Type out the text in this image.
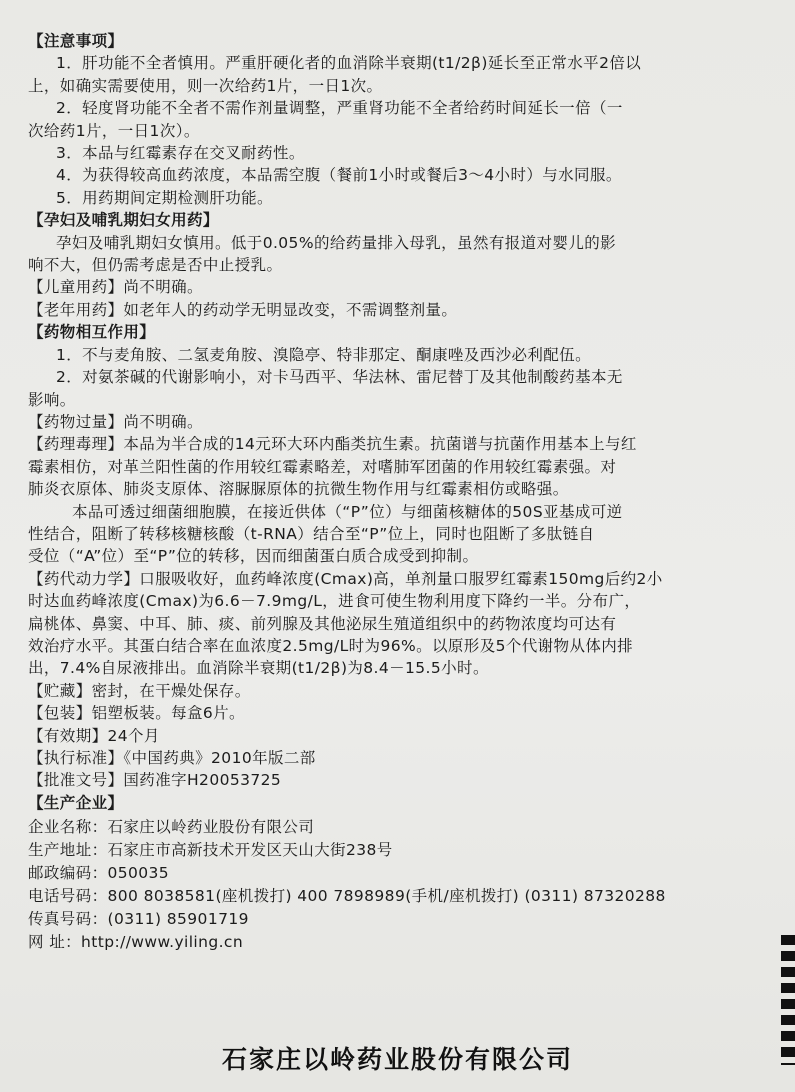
【注意事项】
1．肝功能不全者慎用。严重肝硬化者的血消除半衰期(t1/2β)延长至正常水平2倍以
上，如确实需要使用，则一次给药1片，一日1次。
2．轻度肾功能不全者不需作剂量调整，严重肾功能不全者给药时间延长一倍（一
次给药1片，一日1次）。
3．本品与红霉素存在交叉耐药性。
4．为获得较高血药浓度，本品需空腹（餐前1小时或餐后3～4小时）与水同服。
5．用药期间定期检测肝功能。
【孕妇及哺乳期妇女用药】
孕妇及哺乳期妇女慎用。低于0.05%的给药量排入母乳，虽然有报道对婴儿的影
响不大，但仍需考虑是否中止授乳。
【儿童用药】尚不明确。
【老年用药】如老年人的药动学无明显改变，不需调整剂量。
【药物相互作用】
1．不与麦角胺、二氢麦角胺、溴隐亭、特非那定、酮康唑及西沙必利配伍。
2．对氨茶碱的代谢影响小，对卡马西平、华法林、雷尼替丁及其他制酸药基本无
影响。
【药物过量】尚不明确。
【药理毒理】本品为半合成的14元环大环内酯类抗生素。抗菌谱与抗菌作用基本上与红
霉素相仿，对革兰阳性菌的作用较红霉素略差，对嗜肺军团菌的作用较红霉素强。对
肺炎衣原体、肺炎支原体、溶脲脲原体的抗微生物作用与红霉素相仿或略强。
本品可透过细菌细胞膜，在接近供体（“P”位）与细菌核糖体的50S亚基成可逆
性结合，阻断了转移核糖核酸（t-RNA）结合至“P”位上，同时也阻断了多肽链自
受位（“A”位）至“P”位的转移，因而细菌蛋白质合成受到抑制。
【药代动力学】口服吸收好，血药峰浓度(Cmax)高，单剂量口服罗红霉素150mg后约2小
时达血药峰浓度(Cmax)为6.6－7.9mg/L，进食可使生物利用度下降约一半。分布广，
扁桃体、鼻窦、中耳、肺、痰、前列腺及其他泌尿生殖道组织中的药物浓度均可达有
效治疗水平。其蛋白结合率在血浓度2.5mg/L时为96%。以原形及5个代谢物从体内排
出，7.4%自尿液排出。血消除半衰期(t1/2β)为8.4－15.5小时。
【贮藏】密封，在干燥处保存。
【包装】铝塑板装。每盒6片。
【有效期】24个月
【执行标准】《中国药典》2010年版二部
【批准文号】国药准字H20053725
【生产企业】
企业名称：石家庄以岭药业股份有限公司
生产地址：石家庄市高新技术开发区天山大街238号
邮政编码：050035
电话号码：800 8038581(座机拨打) 400 7898989(手机/座机拨打) (0311) 87320288
传真号码：(0311) 85901719
网 址：http://www.yiling.cn
石家庄以岭药业股份有限公司
